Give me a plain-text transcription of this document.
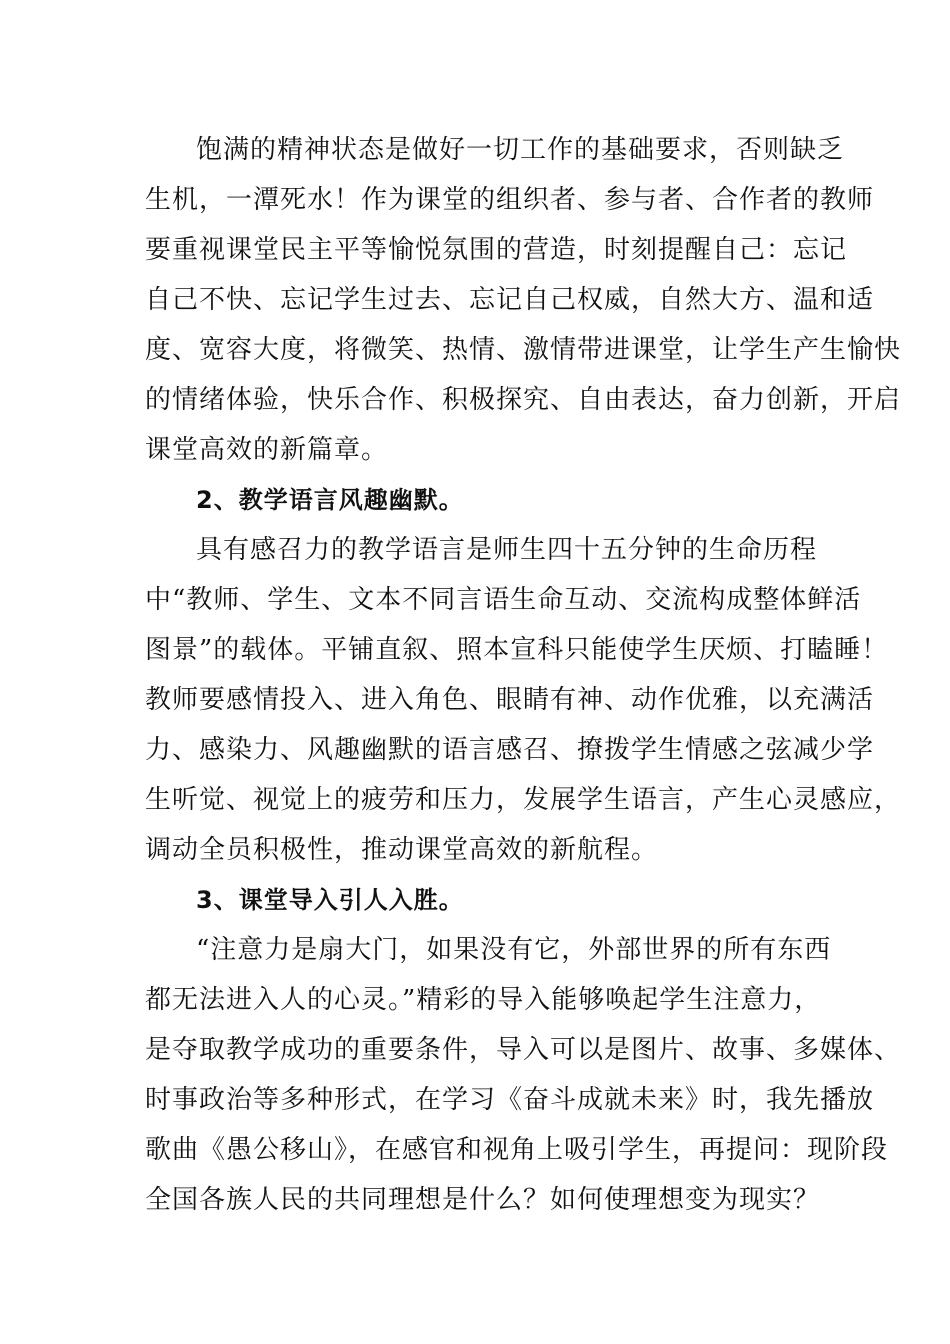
饱满的精神状态是做好一切工作的基础要求，否则缺乏
生机，一潭死水！作为课堂的组织者、参与者、合作者的教师
要重视课堂民主平等愉悦氛围的营造，时刻提醒自己：忘记
自己不快、忘记学生过去、忘记自己权威，自然大方、温和适
度、宽容大度，将微笑、热情、激情带进课堂，让学生产生愉快
的情绪体验，快乐合作、积极探究、自由表达，奋力创新，开启
课堂高效的新篇章。
2、教学语言风趣幽默。
具有感召力的教学语言是师生四十五分钟的生命历程
中“教师、学生、文本不同言语生命互动、交流构成整体鲜活
图景”的载体。平铺直叙、照本宣科只能使学生厌烦、打瞌睡！
教师要感情投入、进入角色、眼睛有神、动作优雅，以充满活
力、感染力、风趣幽默的语言感召、撩拨学生情感之弦减少学
生听觉、视觉上的疲劳和压力，发展学生语言，产生心灵感应，
调动全员积极性，推动课堂高效的新航程。
3、课堂导入引人入胜。
“注意力是扇大门，如果没有它，外部世界的所有东西
都无法进入人的心灵。”精彩的导入能够唤起学生注意力，
是夺取教学成功的重要条件，导入可以是图片、故事、多媒体、
时事政治等多种形式，在学习《奋斗成就未来》时，我先播放
歌曲《愚公移山》，在感官和视角上吸引学生，再提问：现阶段
全国各族人民的共同理想是什么？如何使理想变为现实？
